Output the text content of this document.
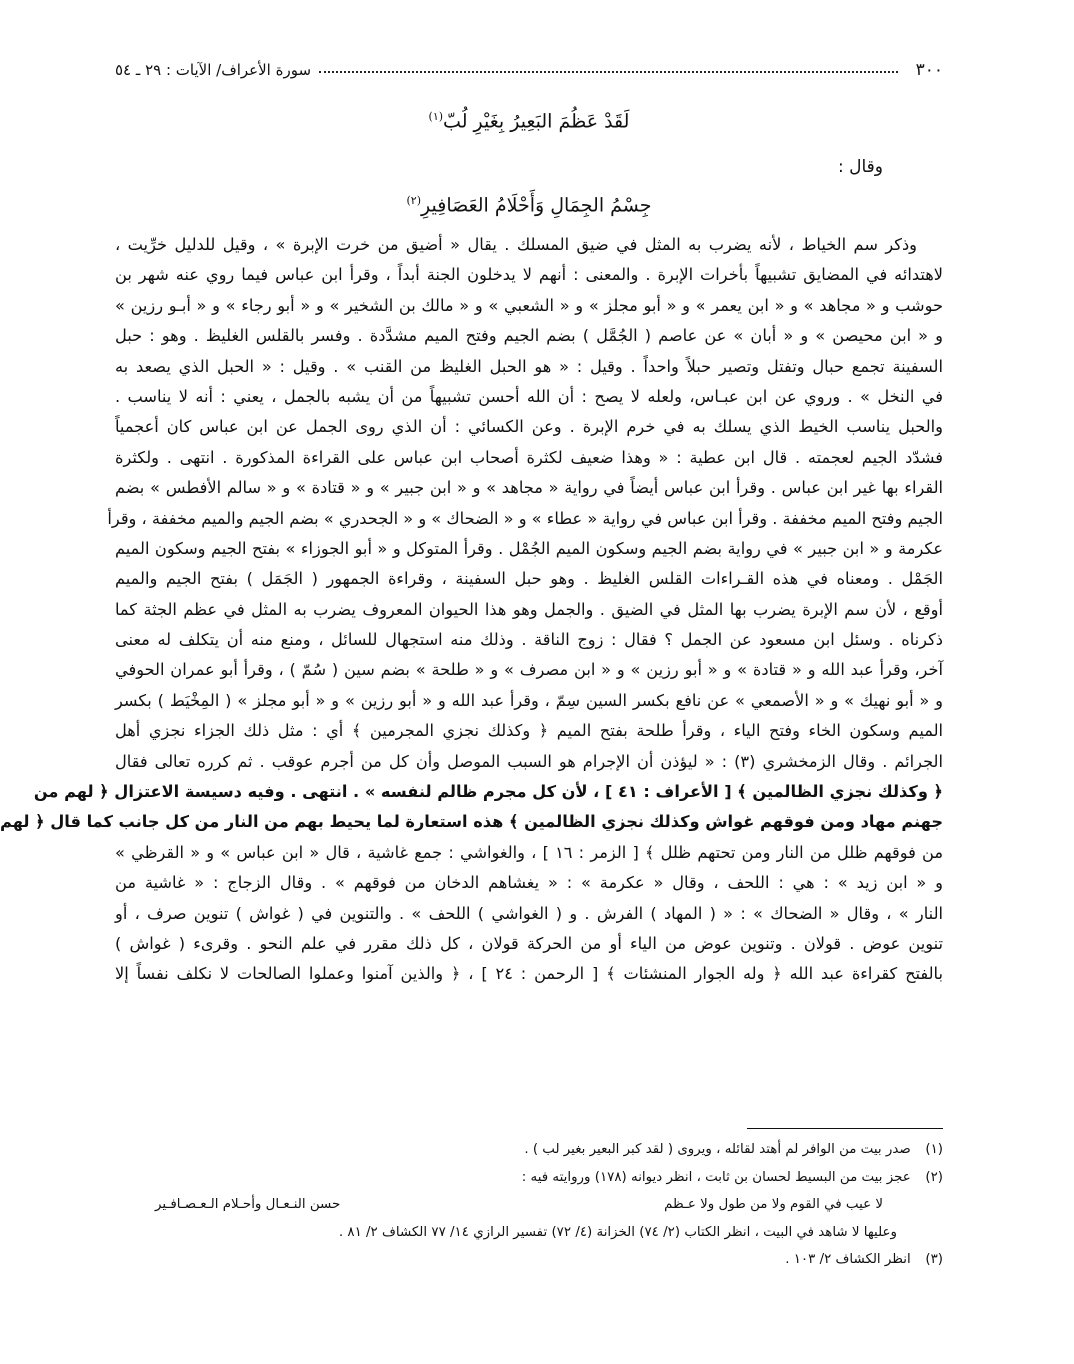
٣٠٠
سورة الأعراف/ الآيات : ٢٩ ـ ٥٤

لَقَدْ عَظُمَ البَعِيرُ بِغَيْرِ لُبّ$^{(١)}$

وقال :

جِسْمُ الجِمَالِ وَأَحْلَامُ العَصَافِيرِ$^{(٢)}$

وذكر سم الخياط ، لأنه يضرب به المثل في ضيق المسلك . يقال « أضيق من خرت الإبرة » ، وقيل للدليل خرِّيت ،
لاهتدائه في المضايق تشبيهاً بأخرات الإبرة . والمعنى : أنهم لا يدخلون الجنة أبداً ، وقرأ ابن عباس فيما روي عنه شهر بن
حوشب و « مجاهد » و « ابن يعمر » و « أبو مجلز » و « الشعبي » و « مالك بن الشخير » و « أبو رجاء » و « أبـو رزين »
و « ابن محيصن » و « أبان » عن عاصم ( الجُمَّل ) بضم الجيم وفتح الميم مشدَّدة . وفسر بالقلس الغليظ . وهو : حبل
السفينة تجمع حبال وتفتل وتصير حبلاً واحداً . وقيل : « هو الحبل الغليظ من القنب » . وقيل : « الحبل الذي يصعد به
في النخل » . وروي عن ابن عبـاس، ولعله لا يصح : أن الله أحسن تشبيهاً من أن يشبه بالجمل ، يعني : أنه لا يناسب .
والحبل يناسب الخيط الذي يسلك به في خرم الإبرة . وعن الكسائي : أن الذي روى الجمل عن ابن عباس كان أعجمياً
فشدّد الجيم لعجمته . قال ابن عطية : « وهذا ضعيف لكثرة أصحاب ابن عباس على القراءة المذكورة . انتهى . ولكثرة
القراء بها غير ابن عباس . وقرأ ابن عباس أيضاً في رواية « مجاهد » و « ابن جبير » و « قتادة » و « سالم الأفطس » بضم
الجيم وفتح الميم مخففة . وقرأ ابن عباس في رواية « عطاء » و « الضحاك » و « الجحدري » بضم الجيم والميم مخففة ، وقرأ
عكرمة و « ابن جبير » في رواية بضم الجيم وسكون الميم الجُمْل . وقرأ المتوكل و « أبو الجوزاء » بفتح الجيم وسكون الميم
الجَمْل . ومعناه في هذه القـراءات القلس الغليظ . وهو حبل السفينة ، وقراءة الجمهور ( الجَمَل ) بفتح الجيم والميم
أوقع ، لأن سم الإبرة يضرب بها المثل في الضيق . والجمل وهو هذا الحيوان المعروف يضرب به المثل في عظم الجثة كما
ذكرناه . وسئل ابن مسعود عن الجمل ؟ فقال : زوج الناقة . وذلك منه استجهال للسائل ، ومنع منه أن يتكلف له معنى
آخر، وقرأ عبد الله و « قتادة » و « أبو رزين » و « ابن مصرف » و « طلحة » بضم سين ( سُمّ ) ، وقرأ أبو عمران الحوفي
و « أبو نهيك » و « الأصمعي » عن نافع بكسر السين سِمّ ، وقرأ عبد الله و « أبو رزين » و « أبو مجلز » ( المِخْيَط ) بكسر
الميم وسكون الخاء وفتح الياء ، وقرأ طلحة بفتح الميم ﴿ وكذلك نجزي المجرمين ﴾ أي : مثل ذلك الجزاء نجزي أهل
الجرائم . وقال الزمخشري (٣) : « ليؤذن أن الإجرام هو السبب الموصل وأن كل من أجرم عوقب . ثم كرره تعالى فقال
﴿ وكذلك نجزي الظالمين ﴾ [ الأعراف : ٤١ ] ، لأن كل مجرم ظالم لنفسه » . انتهى . وفيه دسيسة الاعتزال ﴿ لهم من
جهنم مهاد ومن فوقهم غواش وكذلك نجزي الظالمين ﴾ هذه استعارة لما يحيط بهم من النار من كل جانب كما قال ﴿ لهم
من فوقهم ظلل من النار ومن تحتهم ظلل ﴾ [ الزمر : ١٦ ] ، والغواشي : جمع غاشية ، قال « ابن عباس » و « القرظي »
و « ابن زيد » : هي : اللحف ، وقال « عكرمة » : « يغشاهم الدخان من فوقهم » . وقال الزجاج : « غاشية من
النار » ، وقال « الضحاك » : « ( المهاد ) الفرش . و ( الغواشي ) اللحف » . والتنوين في ( غواش ) تنوين صرف ، أو
تنوين عوض . قولان . وتنوين عوض من الياء أو من الحركة قولان ، كل ذلك مقرر في علم النحو . وقرىء ( غواش )
بالفتح كقراءة عبد الله ﴿ وله الجوار المنشئات ﴾ [ الرحمن : ٢٤ ] ، ﴿ والذين آمنوا وعملوا الصالحات لا نكلف نفساً إلا

(١) صدر بيت من الوافر لم أهتد لقائله ، ويروى ( لقد كبر البعير بغير لب ) .

(٢) عجز بيت من البسيط لحسان بن ثابت ، انظر ديوانه (١٧٨) وروايته فيه :

لا عيب في القوم ولا من طول ولا عـظم
حسن النـعـال وأحـلام الـعـصـافـير

وعليها لا شاهد في البيت ، انظر الكتاب (٢/ ٧٤) الخزانة (٤/ ٧٢) تفسير الرازي ١٤/ ٧٧ الكشاف ٢/ ٨١ .

(٣) انظر الكشاف ٢/ ١٠٣ .
